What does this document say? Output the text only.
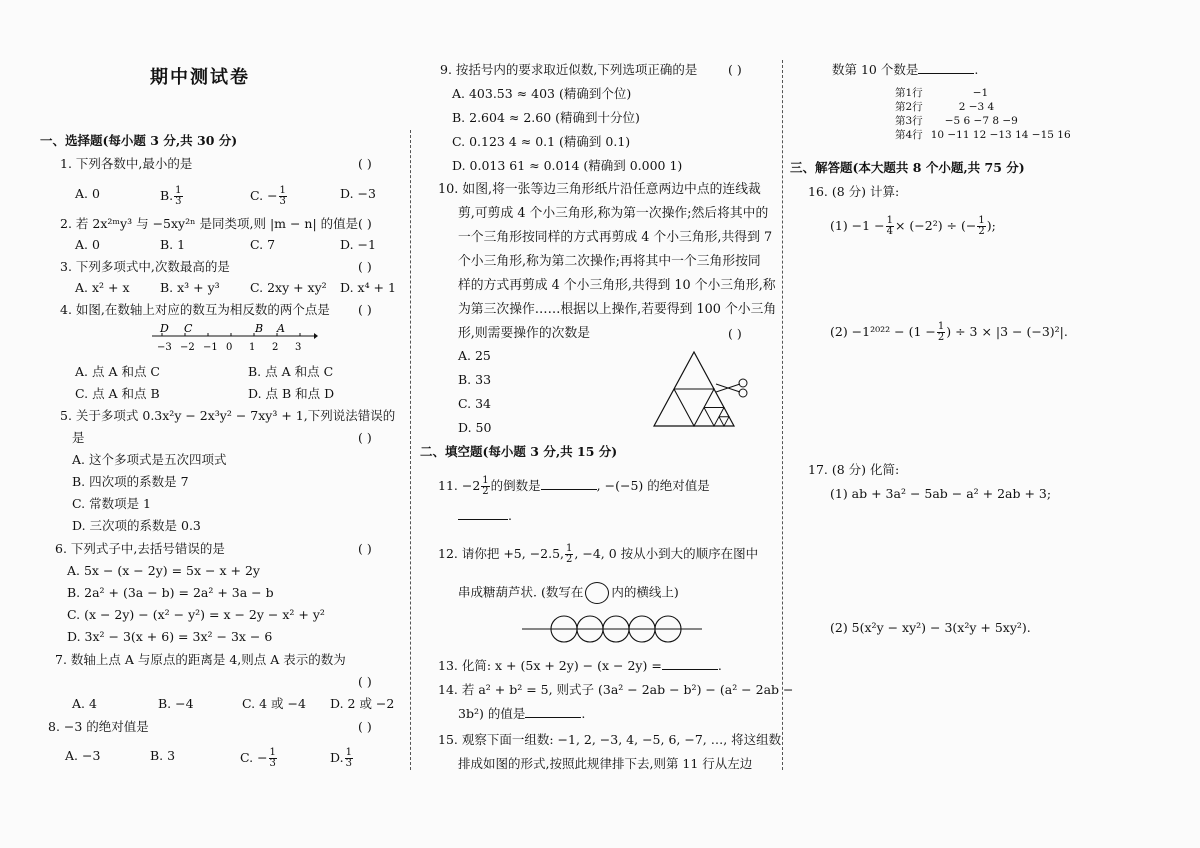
期中测试卷
一、选择题(每小题 3 分,共 30 分)
1. 下列各数中,最小的是	( )
A. 0	B. $\frac{1}{3}$	C. − $\frac{1}{3}$	D. −3
2. 若 2x²ᵐy³ 与 −5xy²ⁿ 是同类项,则 |m − n| 的值是 ( )
A. 0	B. 1	C. 7	D. −1
3. 下列多项式中,次数最高的是	( )
A. x² + x B. x³ + y³ C. 2xy + xy² D. x⁴ + 1
4. 如图,在数轴上对应的数互为相反数的两个点是 ( )
−3 −2 −1 0 1 2 3
D C	B A
A. 点 A 和点 C	B. 点 A 和点 C
C. 点 A 和点 B	D. 点 B 和点 D
5. 关于多项式 0.3x²y − 2x³y² − 7xy³ + 1,下列说法错误的
是	( )
A. 这个多项式是五次四项式
B. 四次项的系数是 7
C. 常数项是 1
D. 三次项的系数是 0.3
6. 下列式子中,去括号错误的是	( )
A. 5x − (x − 2y) = 5x − x + 2y
B. 2a² + (3a − b) = 2a² + 3a − b
C. (x − 2y) − (x² − y²) = x − 2y − x² + y²
D. 3x² − 3(x + 6) = 3x² − 3x − 6
7. 数轴上点 A 与原点的距离是 4,则点 A 表示的数为
( )
A. 4	B. −4	C. 4 或 −4 D. 2 或 −2
8. −3 的绝对值是	( )
A. −3	B. 3	C. − $\frac{1}{3}$	D. $\frac{1}{3}$
9. 按括号内的要求取近似数,下列选项正确的是 ( )
A. 403.53 ≈ 403 (精确到个位)
B. 2.604 ≈ 2.60 (精确到十分位)
C. 0.123 4 ≈ 0.1 (精确到 0.1)
D. 0.013 61 ≈ 0.014 (精确到 0.000 1)
10. 如图,将一张等边三角形纸片沿任意两边中点的连线裁
剪,可剪成 4 个小三角形,称为第一次操作;然后将其中的
一个三角形按同样的方式再剪成 4 个小三角形,共得到 7
个小三角形,称为第二次操作;再将其中一个三角形按同
样的方式再剪成 4 个小三角形,共得到 10 个小三角形,称
为第三次操作……根据以上操作,若要得到 100 个小三角
形,则需要操作的次数是	( )
A. 25
B. 33
C. 34
D. 50
二、填空题(每小题 3 分,共 15 分)
11. $-2 \frac{1}{2}$ 的倒数是	, −(−5) 的绝对值是
.
12. 请你把 +5, −2.5, $\frac{1}{2}$ , −4, 0 按从小到大的顺序在图中
串成糖葫芦状. (数写在 内的横线上)
13. 化简: x + (5x + 2y) − (x − 2y) =	.
14. 若 a² + b² = 5, 则式子 (3a² − 2ab − b²) − (a² − 2ab −
3b²) 的值是	.
15. 观察下面一组数: −1, 2, −3, 4, −5, 6, −7, …, 将这组数
排成如图的形式,按照此规律排下去,则第 11 行从左边
数第 10 个数是	.
第1行	−1
第2行	2 −3 4
第3行 −5 6 −7 8 −9
第4行 10 −11 12 −13 14 −15 16
三、解答题(本大题共 8 个小题,共 75 分)
16. (8 分) 计算:
$(1) -1 - \frac{1}{4} \times (-2^2)$ ÷ (− $\frac{1}{2}$ );
$(2) -1^{2022} - (1 - \frac{1}{2}$ ) ÷ 3 × |3 − (−3)²|.
17. (8 分) 化简:
(1) ab + 3a² − 5ab − a² + 2ab + 3;
(2) 5(x²y − xy²) − 3(x²y + 5xy²).
